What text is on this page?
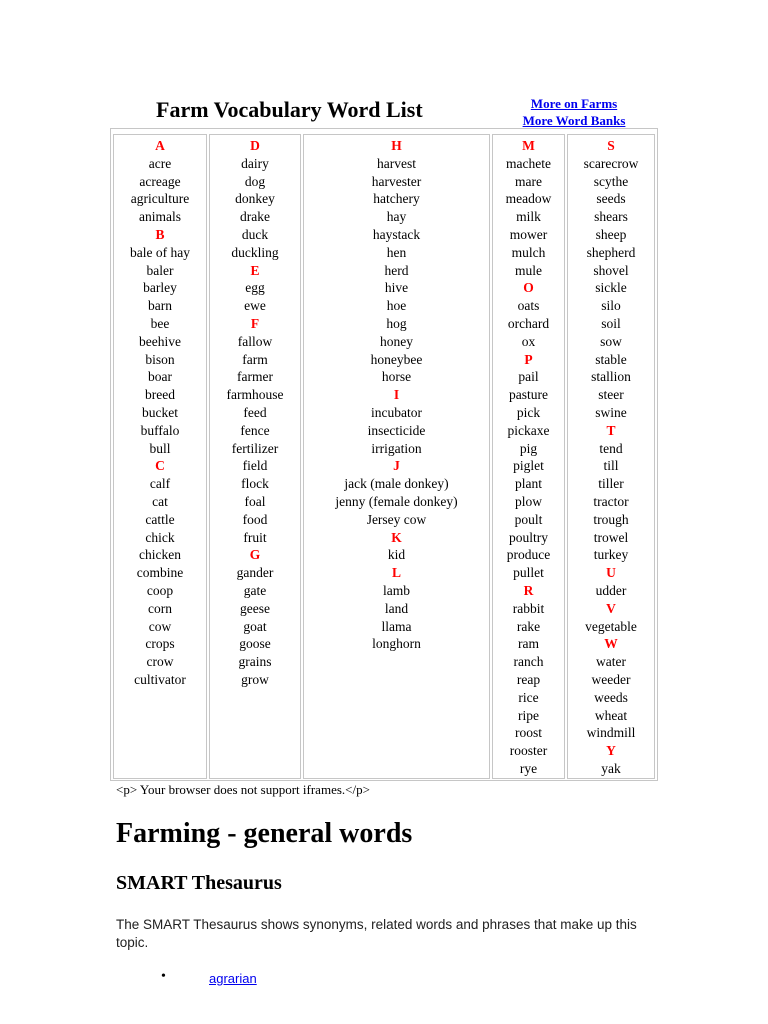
Farm Vocabulary Word List	More on Farms
More Word Banks
A
acre
acreage
agriculture
animals
B
bale of hay
baler
barley
barn
bee
beehive
bison
boar
breed
bucket
buffalo
bull
C
calf
cat
cattle
chick
chicken
combine
coop
corn
cow
crops
crow
cultivator
D
dairy
dog
donkey
drake
duck
duckling
E
egg
ewe
F
fallow
farm
farmer
farmhouse
feed
fence
fertilizer
field
flock
foal
food
fruit
G
gander
gate
geese
goat
goose
grains
grow
H
harvest
harvester
hatchery
hay
haystack
hen
herd
hive
hoe
hog
honey
honeybee
horse
I
incubator
insecticide
irrigation
J
jack (male donkey)
jenny (female donkey)
Jersey cow
K
kid
L
lamb
land
llama
longhorn
M
machete
mare
meadow
milk
mower
mulch
mule
O
oats
orchard
ox
P
pail
pasture
pick
pickaxe
pig
piglet
plant
plow
poult
poultry
produce
pullet
R
rabbit
rake
ram
ranch
reap
rice
ripe
roost
rooster
rye
S
scarecrow
scythe
seeds
shears
sheep
shepherd
shovel
sickle
silo
soil
sow
stable
stallion
steer
swine
T
tend
till
tiller
tractor
trough
trowel
turkey
U
udder
V
vegetable
W
water
weeder
weeds
wheat
windmill
Y
yak
<p> Your browser does not support iframes.</p>
Farming - general words
SMART Thesaurus
The SMART Thesaurus shows synonyms, related words and phrases that make up this topic.
•	agrarian
